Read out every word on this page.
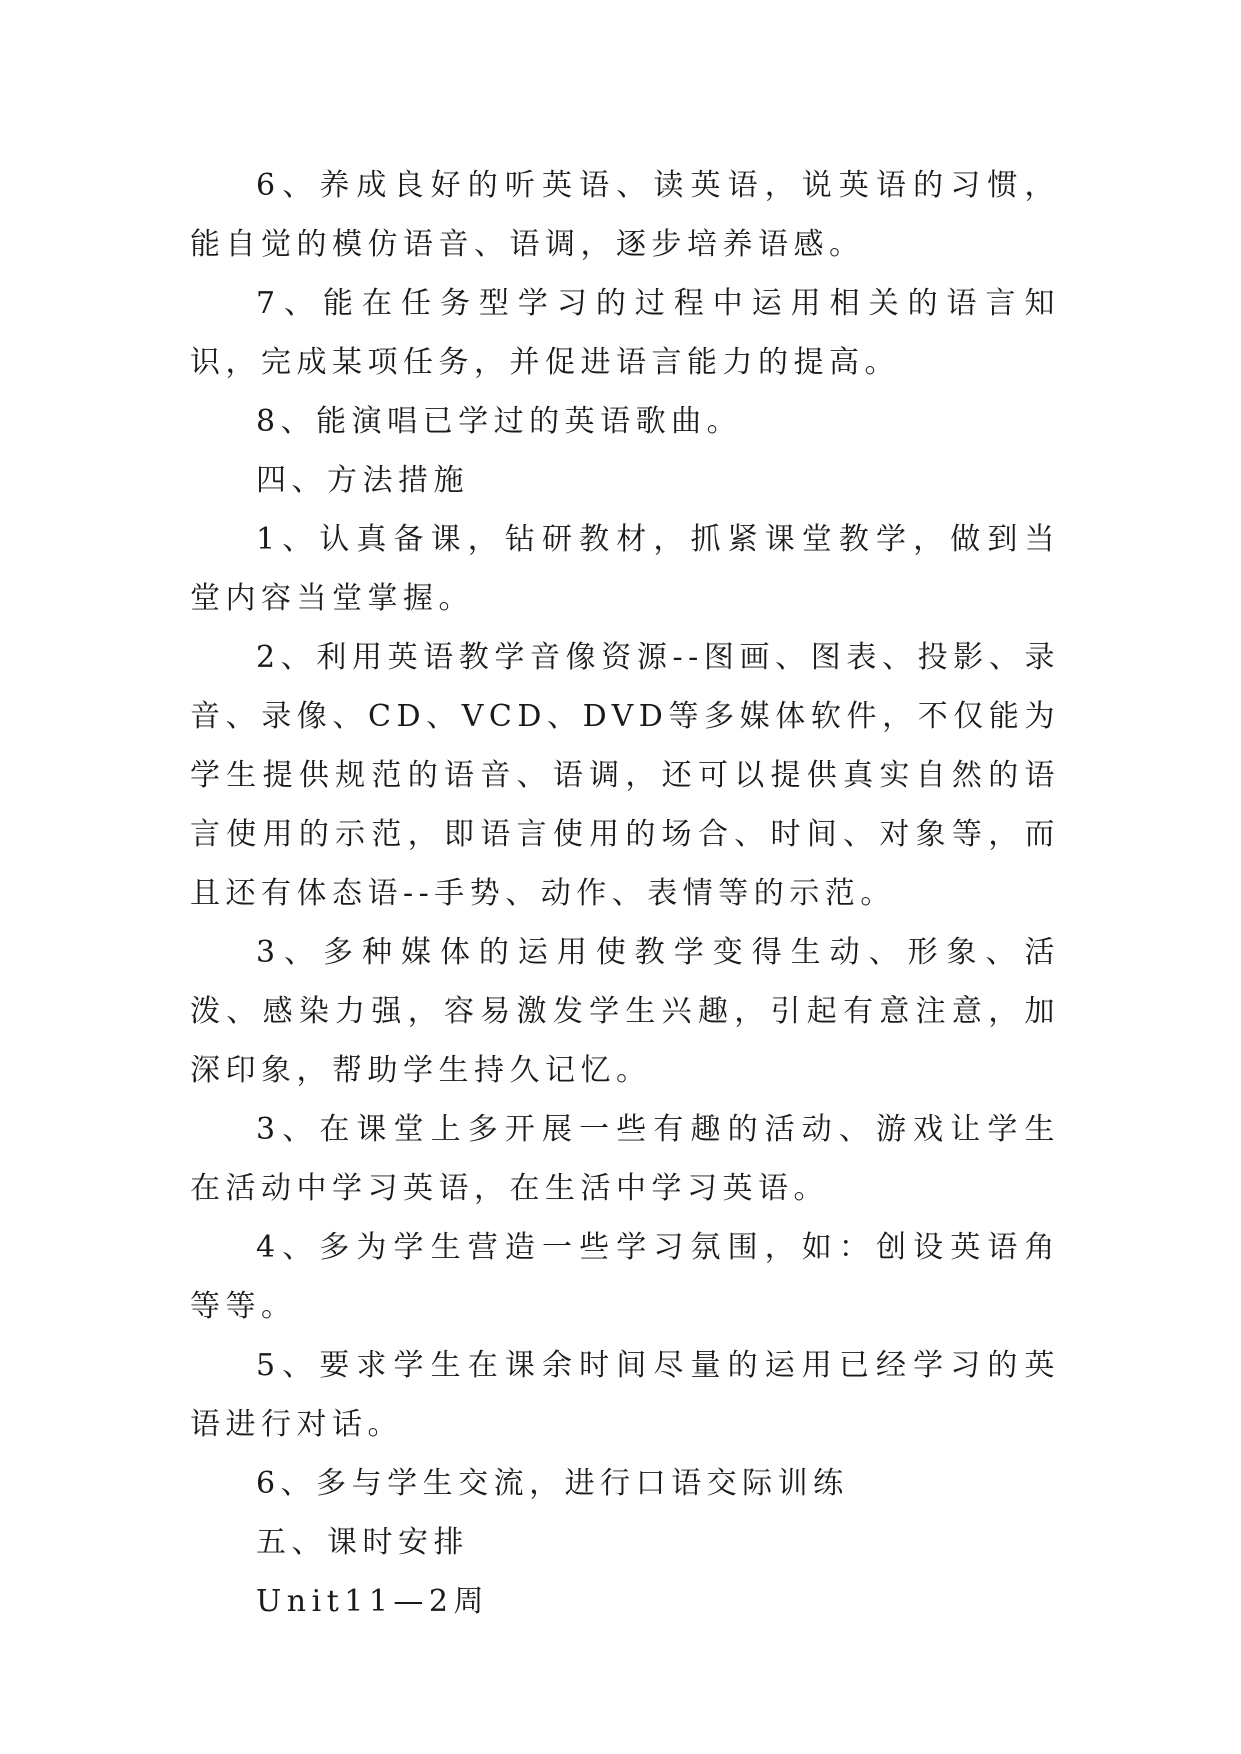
6、养成良好的听英语、读英语，说英语的习惯，能自觉的模仿语音、语调，逐步培养语感。

7、能在任务型学习的过程中运用相关的语言知识，完成某项任务，并促进语言能力的提高。

8、能演唱已学过的英语歌曲。

四、方法措施

1、认真备课，钻研教材，抓紧课堂教学，做到当堂内容当堂掌握。

2、利用英语教学音像资源--图画、图表、投影、录音、录像、CD、VCD、DVD等多媒体软件，不仅能为学生提供规范的语音、语调，还可以提供真实自然的语言使用的示范，即语言使用的场合、时间、对象等，而且还有体态语--手势、动作、表情等的示范。

3、多种媒体的运用使教学变得生动、形象、活泼、感染力强，容易激发学生兴趣，引起有意注意，加深印象，帮助学生持久记忆。

3、在课堂上多开展一些有趣的活动、游戏让学生在活动中学习英语，在生活中学习英语。

4、多为学生营造一些学习氛围，如：创设英语角等等。

5、要求学生在课余时间尽量的运用已经学习的英语进行对话。

6、多与学生交流，进行口语交际训练

五、课时安排

Unit11—2周
